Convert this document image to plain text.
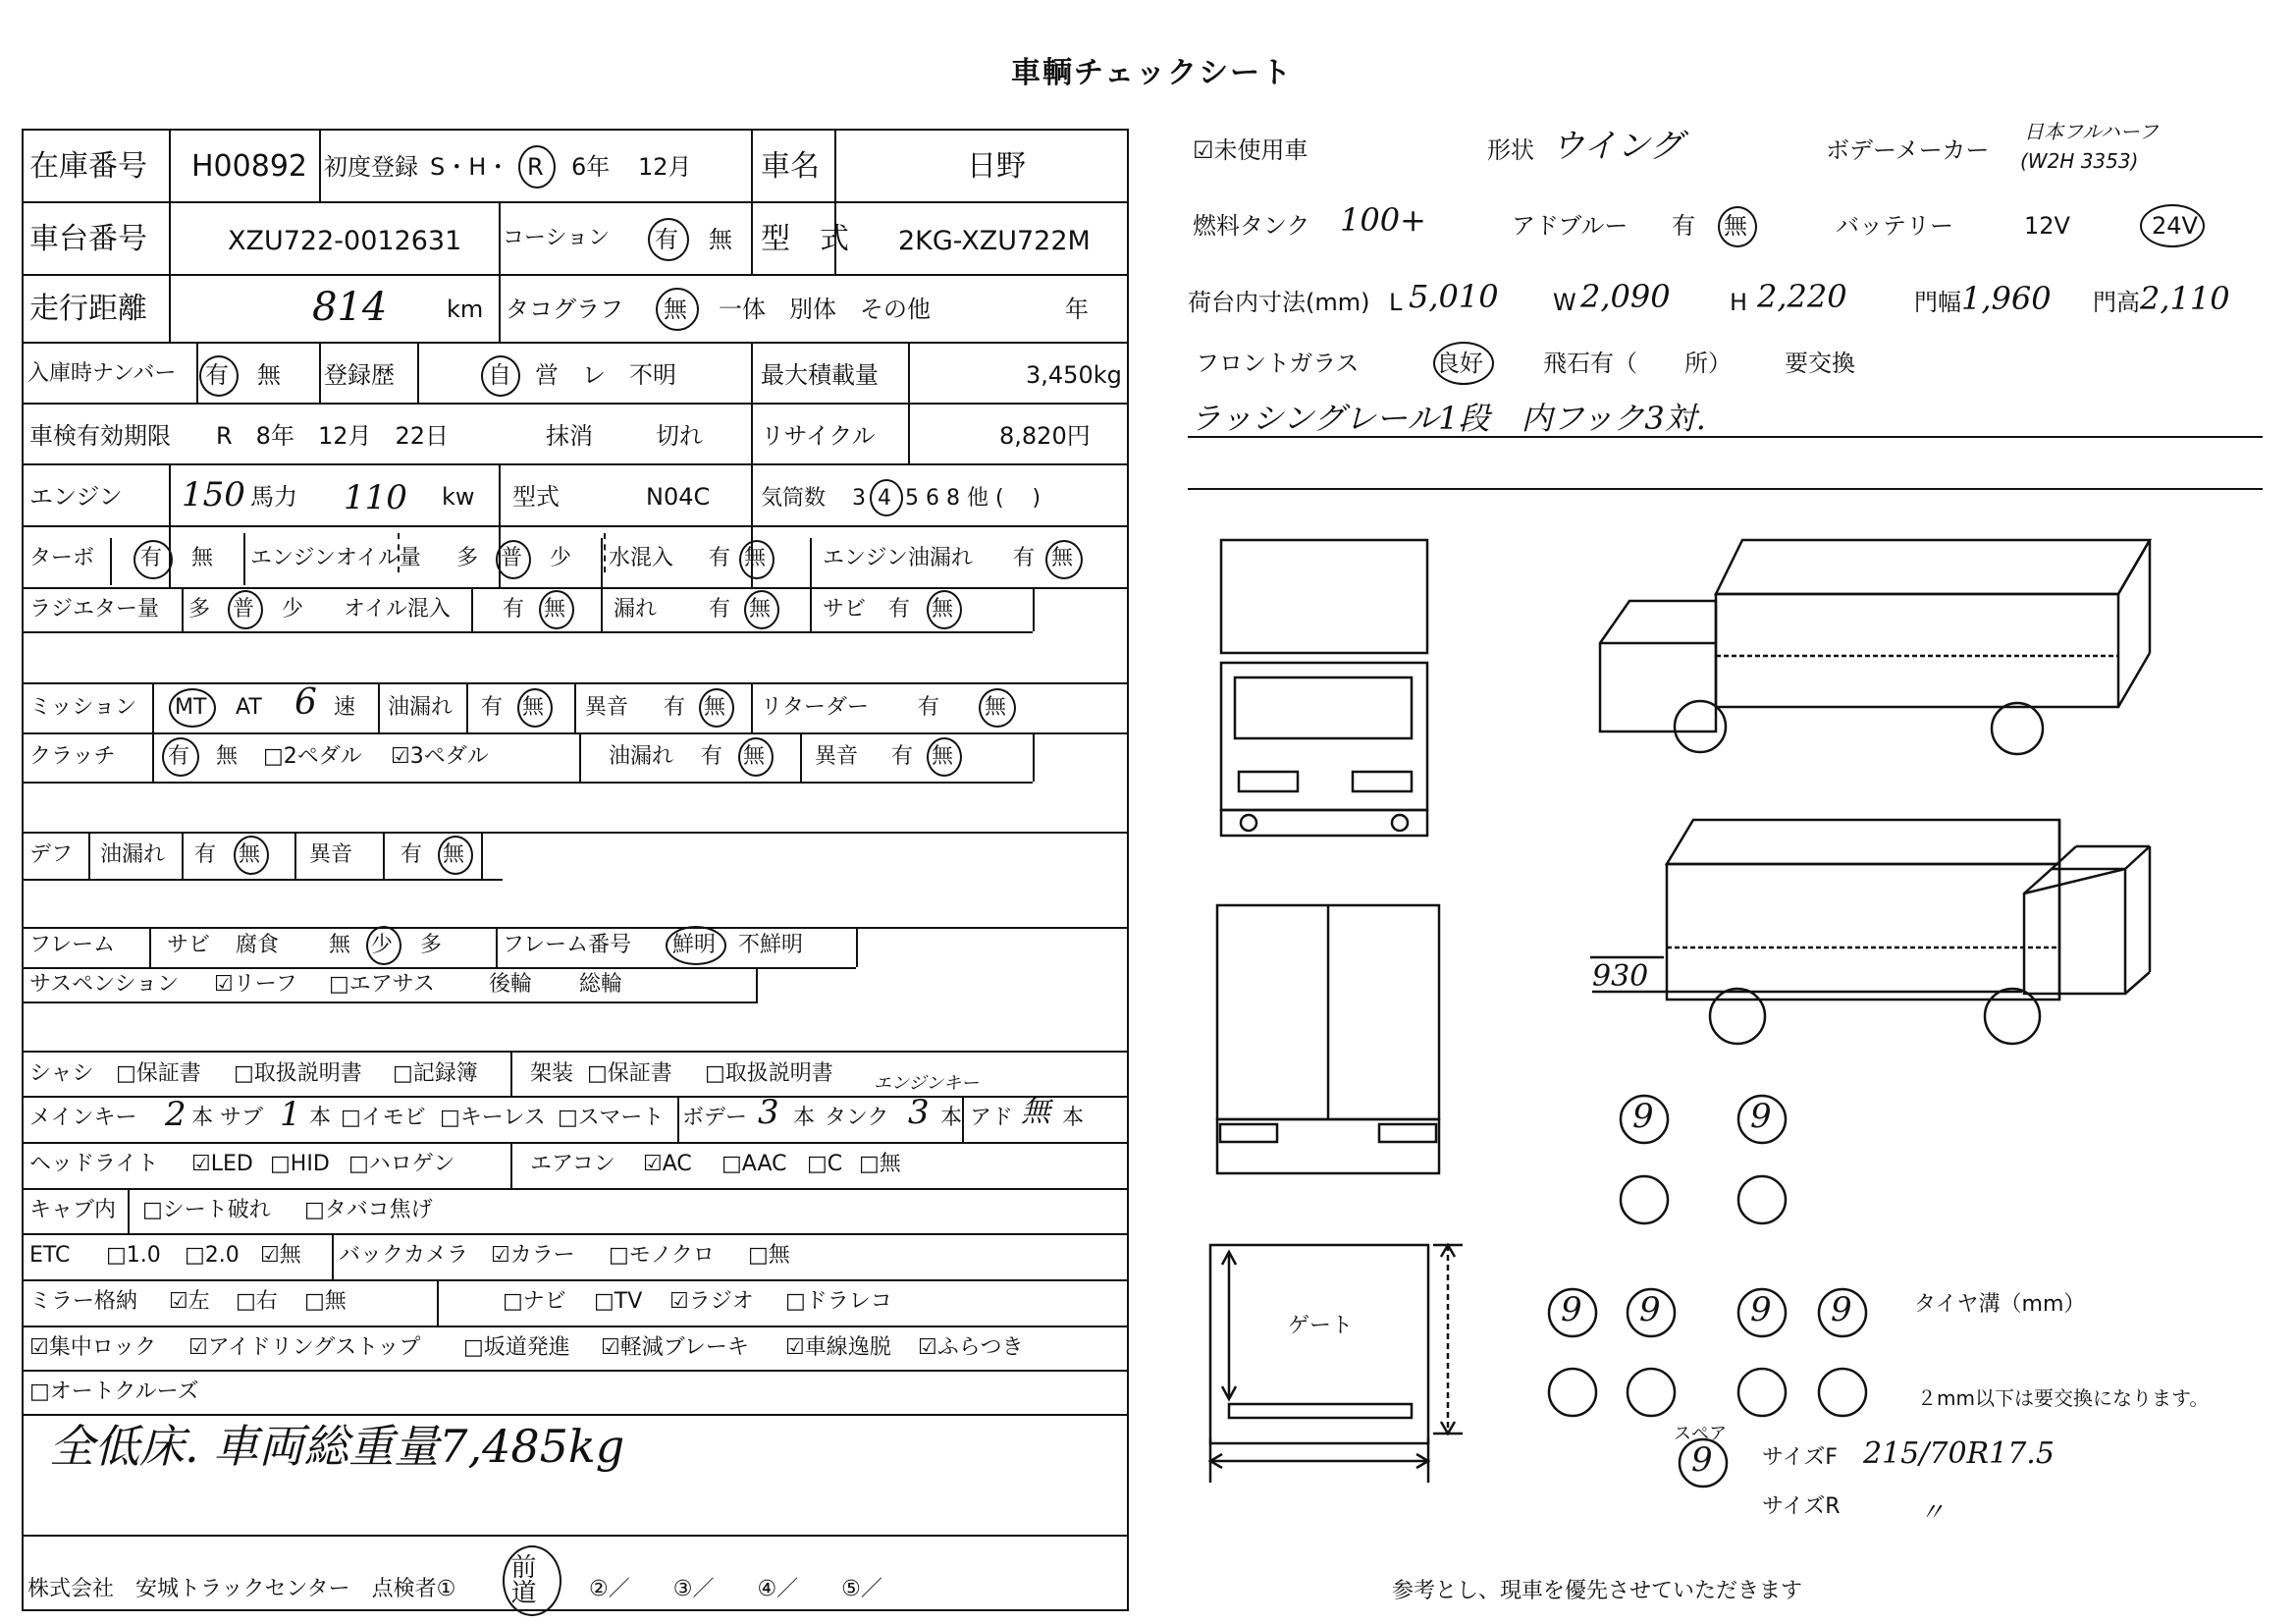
車輌チェックシート
在庫番号 H00892 初度登録 S・H・ R 6年 12月 車名	日野
車台番号	XZU722-0012631 コーション 有 無 型　式 2KG-XZU722M
走行距離	814	km タコグラフ 無 一体　別体　その他	年
入庫時ナンバー 有 無 登録歴	自 営　レ　不明	最大積載量	3,450kg
車検有効期限 R　8年　12月　22日	抹消	切れ リサイクル	8,820円
エンジン 150 馬力 110 kw 型式	N04C 気筒数 3 4 5 6 8 他 (　 )
ターボ 有 無 エンジンオイル量 多 普 少 水混入 有 無	エンジン油漏れ 有 無
ラジエター量 多 普 少 オイル混入 有 無 漏れ 有 無 サビ 有 無
ミッション MT AT 6 速 油漏れ 有 無 異音 有 無 リターダー 有 無
クラッチ 有 無 □2ペダル ☑3ペダル	油漏れ 有 無 異音 有 無
デフ 油漏れ 有 無 異音 有 無
フレーム サビ 腐食 無 少 多	フレーム番号 鮮明 不鮮明
サスペンション ☑リーフ □エアサス	後輪 総輪
シャシ □保証書 □取扱説明書 □記録簿 架装 □保証書 □取扱説明書 エンジンキー
メインキー 2 本 サブ 1 本 □イモビ □キーレス □スマート ボデー 3 本 タンク 3 本 アド 無 本
ヘッドライト ☑LED □HID □ハロゲン	エアコン ☑AC □AAC □C □無
キャブ内 □シート破れ □タバコ焦げ
ETC □1.0 □2.0 ☑無 バックカメラ ☑カラー □モノクロ □無
ミラー格納 ☑左 □右 □無	□ナビ □TV ☑ラジオ □ドラレコ
☑集中ロック ☑アイドリングストップ □坂道発進 ☑軽減ブレーキ ☑車線逸脱 ☑ふらつき
□オートクルーズ
全低床. 車両総重量7,485kg
株式会社　安城トラックセンター　点検者① 前道 ②／　　③／　　④／　　⑤／
☑未使用車	形状 ウイング	ボデーメーカー
日本フルハーフ
(W2H 3353)
燃料タンク 100+	アドブルー 有 無	バッテリー	12V	24V
荷台内寸法(mm) L 5,010 W 2,090	H 2,220	門幅 1,960 門高 2,110
フロントガラス	良好	飛石有（　　所） 要交換
ラッシングレール1段　内フック3対.
930
ゲート
9	9
9 9	9 9
スペア
9
タイヤ溝（mm）
２mm以下は要交換になります。
サイズF 215/70R17.5
サイズR	〃
参考とし、現車を優先させていただきます
